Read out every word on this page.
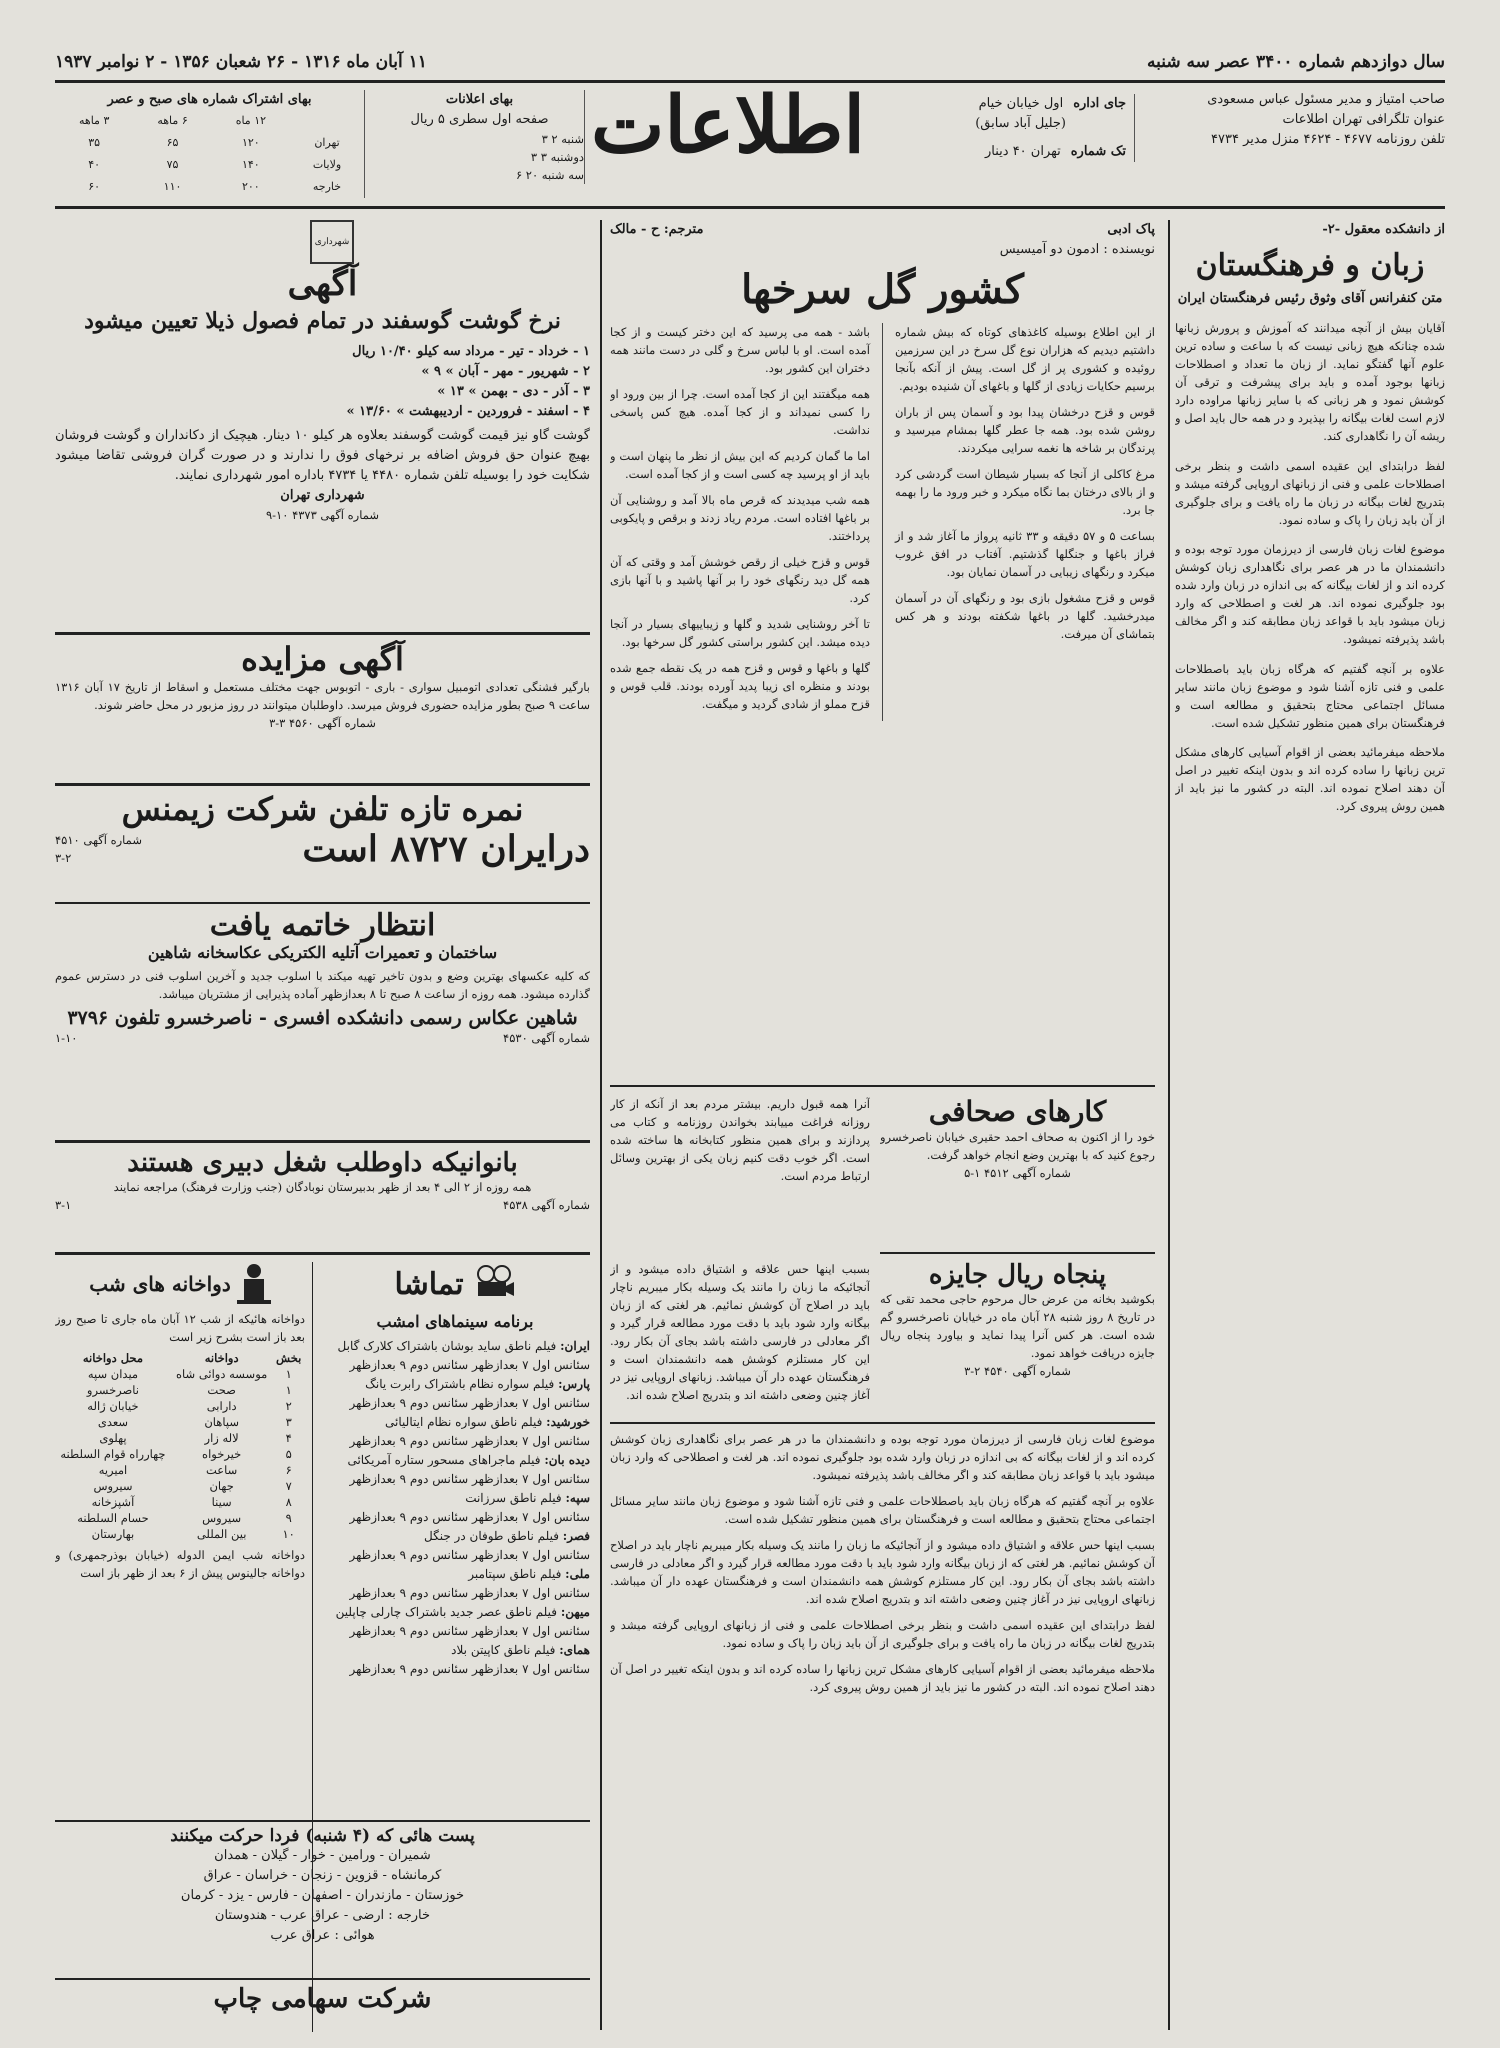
سال دوازدهم شماره ۳۴۰۰ عصر سه شنبه
۱۱ آبان ماه ۱۳۱۶ - ۲۶ شعبان ۱۳۵۶ - ۲ نوامبر ۱۹۳۷
صاحب امتیاز و مدیر مسئول عباس مسعودی
عنوان تلگرافی تهران اطلاعات
تلفن روزنامه ۴۶۷۷ - ۴۶۲۴ منزل مدیر ۴۷۳۴
جای اداره
اول خیابان خیام
(جلیل آباد سابق)
تک شماره
تهران ۴۰ دینار
اطلاعات
بهای اعلانات
صفحه اول سطری ۵ ریال
شنبه ۲ ۳
دوشنبه ۳ ۳
سه شنبه ۲۰ ۶
بهای اشتراک شماره های صبح و عصر
	۱۲ ماه	۶ ماهه	۳ ماهه
تهران	۱۲۰	۶۵	۳۵
ولایات	۱۴۰	۷۵	۴۰
خارجه	۲۰۰	۱۱۰	۶۰
از دانشکده معقول -۲-
زبان و فرهنگستان
متن کنفرانس آقای وثوق رئیس فرهنگستان ایران
آقایان بیش از آنچه میدانند که آموزش و پرورش زبانها شده چنانکه هیچ زبانی نیست که با ساعت و ساده ترین علوم آنها گفتگو نماید. از زبان ما تعداد و اصطلاحات زبانها بوجود آمده و باید برای پیشرفت و ترقی آن کوشش نمود و هر زبانی که با سایر زبانها مراوده دارد لازم است لغات بیگانه را بپذیرد و در همه حال باید اصل و ریشه آن را نگاهداری کند.

لفظ درابتدای این عقیده اسمی داشت و بنظر برخی اصطلاحات علمی و فنی از زبانهای اروپایی گرفته میشد و بتدریج لغات بیگانه در زبان ما راه یافت و برای جلوگیری از آن باید زبان را پاک و ساده نمود.

موضوع لغات زبان فارسی از دیرزمان مورد توجه بوده و دانشمندان ما در هر عصر برای نگاهداری زبان کوشش کرده اند و از لغات بیگانه که بی اندازه در زبان وارد شده بود جلوگیری نموده اند. هر لغت و اصطلاحی که وارد زبان میشود باید با قواعد زبان مطابقه کند و اگر مخالف باشد پذیرفته نمیشود.

علاوه بر آنچه گفتیم که هرگاه زبان باید باصطلاحات علمی و فنی تازه آشنا شود و موضوع زبان مانند سایر مسائل اجتماعی محتاج بتحقیق و مطالعه است و فرهنگستان برای همین منظور تشکیل شده است.

ملاحظه میفرمائید بعضی از اقوام آسیایی کارهای مشکل ترین زبانها را ساده کرده اند و بدون اینکه تغییر در اصل آن دهند اصلاح نموده اند. البته در کشور ما نیز باید از همین روش پیروی کرد.

پاک ادبی
مترجم: ح - مالک
نویسنده : ادمون دو آمیسیس
کشور گل سرخها

از این اطلاع بوسیله کاغذهای کوتاه که بیش شماره داشتیم دیدیم که هزاران نوع گل سرخ در این سرزمین روئیده و کشوری پر از گل است. پیش از آنکه بآنجا برسیم حکایات زیادی از گلها و باغهای آن شنیده بودیم.

قوس و قزح درخشان پیدا بود و آسمان پس از باران روشن شده بود. همه جا عطر گلها بمشام میرسید و پرندگان بر شاخه ها نغمه سرایی میکردند.

مرغ کاکلی از آنجا که بسیار شیطان است گردشی کرد و از بالای درختان بما نگاه میکرد و خبر ورود ما را بهمه جا برد.

بساعت ۵ و ۵۷ دقیقه و ۳۳ ثانیه پرواز ما آغاز شد و از فراز باغها و جنگلها گذشتیم. آفتاب در افق غروب میکرد و رنگهای زیبایی در آسمان نمایان بود.

قوس و قزح مشغول بازی بود و رنگهای آن در آسمان میدرخشید. گلها در باغها شکفته بودند و هر کس بتماشای آن میرفت.

باشد - همه می پرسید که این دختر کیست و از کجا آمده است. او با لباس سرخ و گلی در دست مانند همه دختران این کشور بود.

همه میگفتند این از کجا آمده است. چرا از بین ورود او را کسی نمیداند و از کجا آمده. هیچ کس پاسخی نداشت.

اما ما گمان کردیم که این بیش از نظر ما پنهان است و باید از او پرسید چه کسی است و از کجا آمده است.

همه شب میدیدند که قرص ماه بالا آمد و روشنایی آن بر باغها افتاده است. مردم ریاد زدند و برقص و پایکوبی پرداختند.

قوس و قزح خیلی از رقص خوشش آمد و وقتی که آن همه گل دید رنگهای خود را بر آنها پاشید و با آنها بازی کرد.

تا آخر روشنایی شدید و گلها و زیباییهای بسیار در آنجا دیده میشد. این کشور براستی کشور گل سرخها بود.

گلها و باغها و قوس و قزح همه در یک نقطه جمع شده بودند و منظره ای زیبا پدید آورده بودند. قلب قوس و قزح مملو از شادی گردید و میگفت.

کارهای صحافی
خود را از اکنون به صحاف احمد حقیری خیابان ناصرخسرو رجوع کنید که با بهترین وضع انجام خواهد گرفت.
شماره آگهی ۴۵۱۲ ۱-۵

آنرا همه قبول داریم. بیشتر مردم بعد از آنکه از کار روزانه فراغت مییابند بخواندن روزنامه و کتاب می پردازند و برای همین منظور کتابخانه ها ساخته شده است. اگر خوب دقت کنیم زبان یکی از بهترین وسائل ارتباط مردم است.

پنجاه ریال جایزه
بکوشید بخانه من عرض حال مرحوم حاجی محمد تقی که در تاریخ ۸ روز شنبه ۲۸ آبان ماه در خیابان ناصرخسرو گم شده است. هر کس آنرا پیدا نماید و بیاورد پنجاه ریال جایزه دریافت خواهد نمود.
شماره آگهی ۴۵۴۰ ۲-۳

بسبب اینها حس علاقه و اشتیاق داده میشود و از آنجائیکه ما زبان را مانند یک وسیله بکار میبریم ناچار باید در اصلاح آن کوشش نمائیم. هر لغتی که از زبان بیگانه وارد شود باید با دقت مورد مطالعه قرار گیرد و اگر معادلی در فارسی داشته باشد بجای آن بکار رود. این کار مستلزم کوشش همه دانشمندان است و فرهنگستان عهده دار آن میباشد. زبانهای اروپایی نیز در آغاز چنین وضعی داشته اند و بتدریج اصلاح شده اند.

موضوع لغات زبان فارسی از دیرزمان مورد توجه بوده و دانشمندان ما در هر عصر برای نگاهداری زبان کوشش کرده اند و از لغات بیگانه که بی اندازه در زبان وارد شده بود جلوگیری نموده اند. هر لغت و اصطلاحی که وارد زبان میشود باید با قواعد زبان مطابقه کند و اگر مخالف باشد پذیرفته نمیشود.

علاوه بر آنچه گفتیم که هرگاه زبان باید باصطلاحات علمی و فنی تازه آشنا شود و موضوع زبان مانند سایر مسائل اجتماعی محتاج بتحقیق و مطالعه است و فرهنگستان برای همین منظور تشکیل شده است.

بسبب اینها حس علاقه و اشتیاق داده میشود و از آنجائیکه ما زبان را مانند یک وسیله بکار میبریم ناچار باید در اصلاح آن کوشش نمائیم. هر لغتی که از زبان بیگانه وارد شود باید با دقت مورد مطالعه قرار گیرد و اگر معادلی در فارسی داشته باشد بجای آن بکار رود. این کار مستلزم کوشش همه دانشمندان است و فرهنگستان عهده دار آن میباشد. زبانهای اروپایی نیز در آغاز چنین وضعی داشته اند و بتدریج اصلاح شده اند.

لفظ درابتدای این عقیده اسمی داشت و بنظر برخی اصطلاحات علمی و فنی از زبانهای اروپایی گرفته میشد و بتدریج لغات بیگانه در زبان ما راه یافت و برای جلوگیری از آن باید زبان را پاک و ساده نمود.

ملاحظه میفرمائید بعضی از اقوام آسیایی کارهای مشکل ترین زبانها را ساده کرده اند و بدون اینکه تغییر در اصل آن دهند اصلاح نموده اند. البته در کشور ما نیز باید از همین روش پیروی کرد.

شهرداری
آگهی
نرخ گوشت گوسفند در تمام فصول ذیلا تعیین میشود
۱ - خرداد - تیر - مرداد سه کیلو ۱۰/۴۰ ریال
۲ - شهریور - مهر - آبان » ۹ »
۳ - آذر - دی - بهمن » ۱۳ »
۴ - اسفند - فروردین - اردیبهشت » ۱۳/۶۰ »
گوشت گاو نیز قیمت گوشت گوسفند بعلاوه هر کیلو ۱۰ دینار. هیچیک از دکانداران و گوشت فروشان بهیچ عنوان حق فروش اضافه بر نرخهای فوق را ندارند و در صورت گران فروشی تقاضا میشود شکایت خود را بوسیله تلفن شماره ۴۴۸۰ یا ۴۷۳۴ باداره امور شهرداری نمایند.
شهرداری تهران
شماره آگهی ۴۳۷۳ ۱۰-۹
آگهی مزایده
بارگیر فشنگی تعدادی اتومبیل سواری - باری - اتوبوس جهت مختلف مستعمل و اسقاط از تاریخ ۱۷ آبان ۱۳۱۶ ساعت ۹ صبح بطور مزایده حضوری فروش میرسد. داوطلبان میتوانند در روز مزبور در محل حاضر شوند.
شماره آگهی ۴۵۶۰ ۳-۳
نمره تازه تلفن شرکت زیمنس
درایران ۸۷۲۷ است
شماره آگهی ۴۵۱۰
۳-۲
انتظار خاتمه یافت
ساختمان و تعمیرات آتلیه الکتریکی عکاسخانه شاهین
که کلیه عکسهای بهترین وضع و بدون تاخیر تهیه میکند با اسلوب جدید و آخرین اسلوب فنی در دسترس عموم گذارده میشود. همه روزه از ساعت ۸ صبح تا ۸ بعدازظهر آماده پذیرایی از مشتریان میباشد.
شاهین عکاس رسمی دانشکده افسری - ناصرخسرو تلفون ۳۷۹۶
شماره آگهی ۴۵۳۰
۱-۱۰
بانوانیکه داوطلب شغل دبیری هستند
همه روزه از ۲ الی ۴ بعد از ظهر بدبیرستان نوبادگان (جنب وزارت فرهنگ) مراجعه نمایند
شماره آگهی ۴۵۳۸
۳-۱
تماشا
برنامه سینماهای امشب
ایران: فیلم ناطق ساید بوشان باشتراک کلارک گابل
سئانس اول ۷ بعدازظهر سئانس دوم ۹ بعدازظهر
پارس: فیلم سواره نظام باشتراک رابرت یانگ
سئانس اول ۷ بعدازظهر سئانس دوم ۹ بعدازظهر
خورشید: فیلم ناطق سواره نظام ایتالیائی
سئانس اول ۷ بعدازظهر سئانس دوم ۹ بعدازظهر
دیده بان: فیلم ماجراهای مسحور ستاره آمریکائی
سئانس اول ۷ بعدازظهر سئانس دوم ۹ بعدازظهر
سپه: فیلم ناطق سرزانت
سئانس اول ۷ بعدازظهر سئانس دوم ۹ بعدازظهر
فصر: فیلم ناطق طوفان در جنگل
سئانس اول ۷ بعدازظهر سئانس دوم ۹ بعدازظهر
ملی: فیلم ناطق سپتامبر
سئانس اول ۷ بعدازظهر سئانس دوم ۹ بعدازظهر
میهن: فیلم ناطق عصر جدید باشتراک چارلی چاپلین
سئانس اول ۷ بعدازظهر سئانس دوم ۹ بعدازظهر
همای: فیلم ناطق کاپیتن بلاد
سئانس اول ۷ بعدازظهر سئانس دوم ۹ بعدازظهر
دواخانه های شب
دواخانه هائیکه از شب ۱۲ آبان ماه جاری تا صبح روز بعد باز است بشرح زیر است
بخش	دواخانه	محل دواخانه
۱	موسسه دوائی شاه	میدان سپه
۱	صحت	ناصرخسرو
۲	دارابی	خیابان ژاله
۳	سپاهان	سعدی
۴	لاله زار	پهلوی
۵	خیرخواه	چهارراه قوام السلطنه
۶	ساعت	امیریه
۷	جهان	سیروس
۸	سینا	آشپزخانه
۹	سیروس	حسام السلطنه
۱۰	بین المللی	بهارستان
دواخانه شب ایمن الدوله (خیابان بوذرجمهری) و دواخانه جالینوس پیش از ۶ بعد از ظهر باز است
پست هائی که (۴ شنبه) فردا حرکت میکنند
شمیران - ورامین - خوار - گیلان - همدان
کرمانشاه - قزوین - زنجان - خراسان - عراق
خوزستان - مازندران - اصفهان - فارس - یزد - کرمان
خارجه : ارضی - عراق عرب - هندوستان
هوائی : عراق عرب
شرکت سهامی چاپ
